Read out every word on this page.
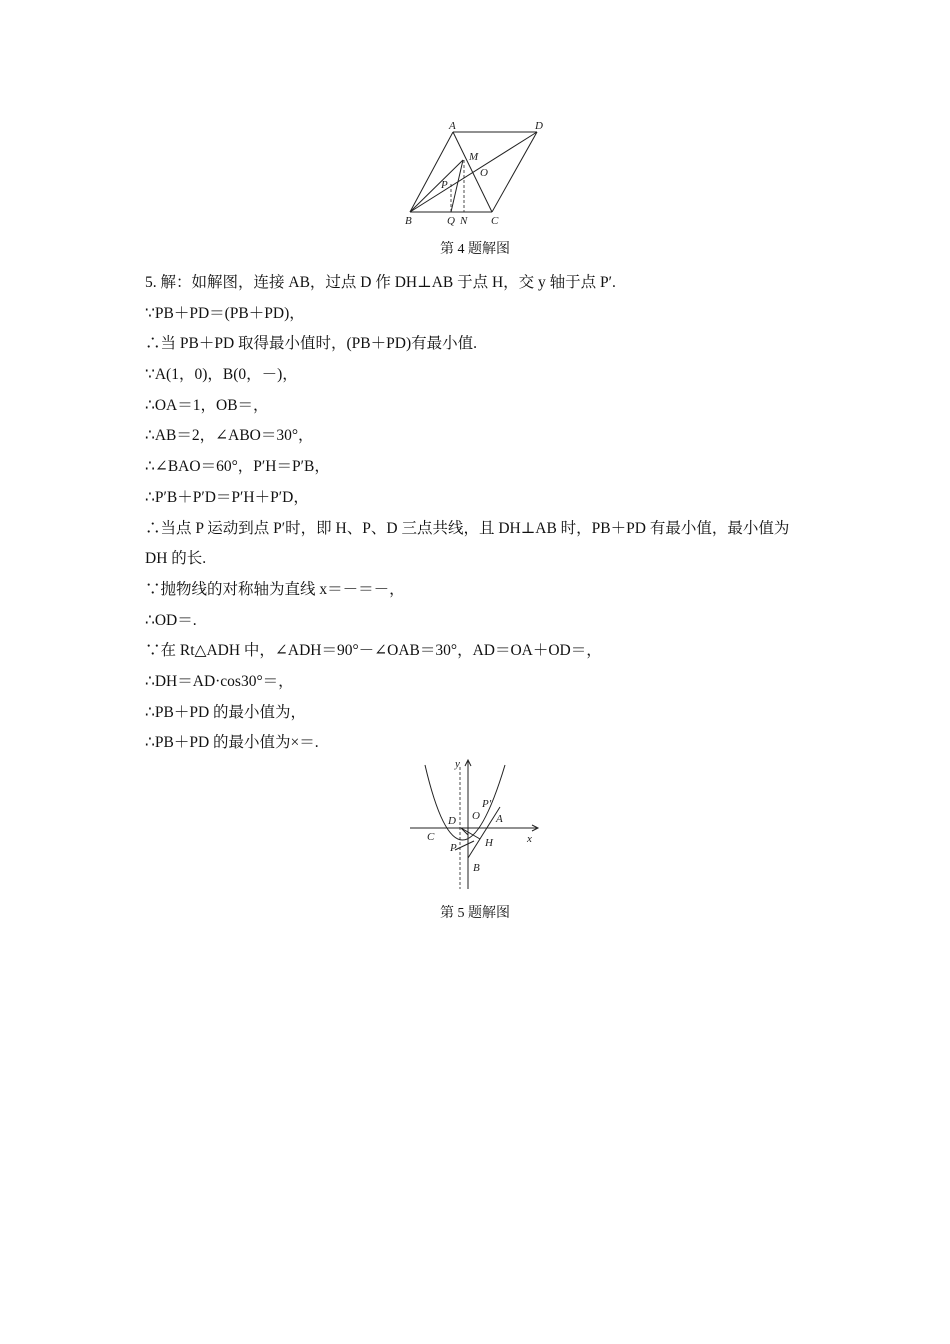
A	D
M
O
P
B	Q N C
第 4 题解图
5. 解：如解图，连接 AB，过点 D 作 DH⊥AB 于点 H，交 y 轴于点 P′.
∵PB＋PD＝(PB＋PD)，
∴当 PB＋PD 取得最小值时，(PB＋PD)有最小值.
∵A(1，0)，B(0，－)，
∴OA＝1，OB＝，
∴AB＝2，∠ABO＝30°，
∴∠BAO＝60°，P′H＝P′B，
∴P′B＋P′D＝P′H＋P′D，
∴当点 P 运动到点 P′时，即 H、P、D 三点共线，且 DH⊥AB 时，PB＋PD 有最小值，最小值为 DH 的长.
∵抛物线的对称轴为直线 x＝－＝－，
∴OD＝.
∵在 Rt△ADH 中，∠ADH＝90°－∠OAB＝30°，AD＝OA＋OD＝，
∴DH＝AD·cos30°＝，
∴PB＋PD 的最小值为，
∴PB＋PD 的最小值为×＝.
y
x
P′
O
D	A
C	H
P
B
第 5 题解图
